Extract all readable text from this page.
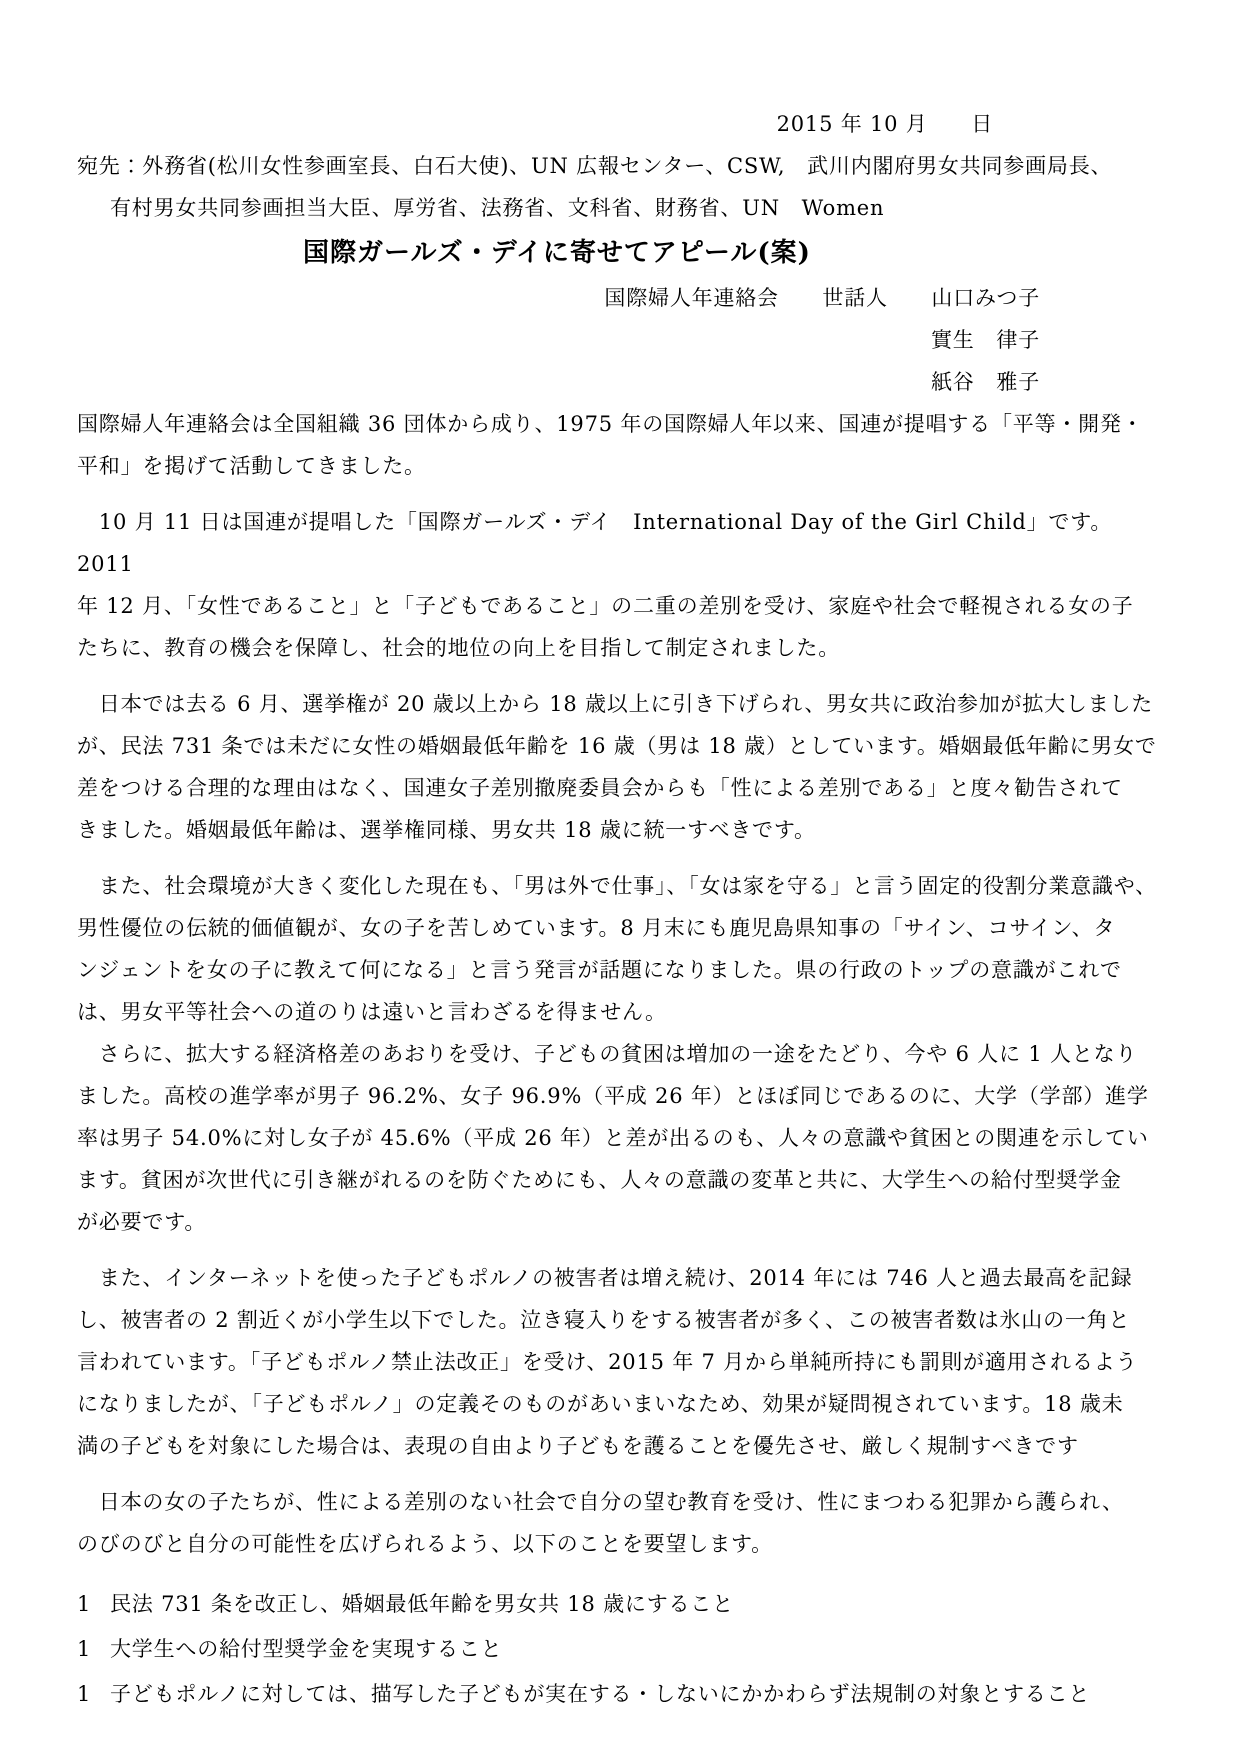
2015 年 10 月　　日
宛先：外務省(松川女性参画室長、白石大使)、UN 広報センター、CSW,　武川内閣府男女共同参画局長、
有村男女共同参画担当大臣、厚労省、法務省、文科省、財務省、UN　Women
国際ガールズ・デイに寄せてアピール(案)
国際婦人年連絡会　　世話人　　山口みつ子
實生　律子
紙谷　雅子
国際婦人年連絡会は全国組織 36 団体から成り、1975 年の国際婦人年以来、国連が提唱する「平等・開発・
平和」を掲げて活動してきました。
　10 月 11 日は国連が提唱した「国際ガールズ・デイ　International Day of the Girl Child」です。2011
年 12 月、「女性であること」と「子どもであること」の二重の差別を受け、家庭や社会で軽視される女の子
たちに、教育の機会を保障し、社会的地位の向上を目指して制定されました。
　日本では去る 6 月、選挙権が 20 歳以上から 18 歳以上に引き下げられ、男女共に政治参加が拡大しました
が、民法 731 条では未だに女性の婚姻最低年齢を 16 歳（男は 18 歳）としています。婚姻最低年齢に男女で
差をつける合理的な理由はなく、国連女子差別撤廃委員会からも「性による差別である」と度々勧告されて
きました。婚姻最低年齢は、選挙権同様、男女共 18 歳に統一すべきです。
　また、社会環境が大きく変化した現在も、「男は外で仕事」、「女は家を守る」と言う固定的役割分業意識や、
男性優位の伝統的価値観が、女の子を苦しめています。8 月末にも鹿児島県知事の「サイン、コサイン、タ
ンジェントを女の子に教えて何になる」と言う発言が話題になりました。県の行政のトップの意識がこれで
は、男女平等社会への道のりは遠いと言わざるを得ません。
　さらに、拡大する経済格差のあおりを受け、子どもの貧困は増加の一途をたどり、今や 6 人に 1 人となり
ました。高校の進学率が男子 96.2%、女子 96.9%（平成 26 年）とほぼ同じであるのに、大学（学部）進学
率は男子 54.0%に対し女子が 45.6%（平成 26 年）と差が出るのも、人々の意識や貧困との関連を示してい
ます。貧困が次世代に引き継がれるのを防ぐためにも、人々の意識の変革と共に、大学生への給付型奨学金
が必要です。
　また、インターネットを使った子どもポルノの被害者は増え続け、2014 年には 746 人と過去最高を記録
し、被害者の 2 割近くが小学生以下でした。泣き寝入りをする被害者が多く、この被害者数は氷山の一角と
言われています。「子どもポルノ禁止法改正」を受け、2015 年 7 月から単純所持にも罰則が適用されるよう
になりましたが、「子どもポルノ」の定義そのものがあいまいなため、効果が疑問視されています。18 歳未
満の子どもを対象にした場合は、表現の自由より子どもを護ることを優先させ、厳しく規制すべきです
　日本の女の子たちが、性による差別のない社会で自分の望む教育を受け、性にまつわる犯罪から護られ、
のびのびと自分の可能性を広げられるよう、以下のことを要望します。
1 民法 731 条を改正し、婚姻最低年齢を男女共 18 歳にすること
1 大学生への給付型奨学金を実現すること
1 子どもポルノに対しては、描写した子どもが実在する・しないにかかわらず法規制の対象とすること
